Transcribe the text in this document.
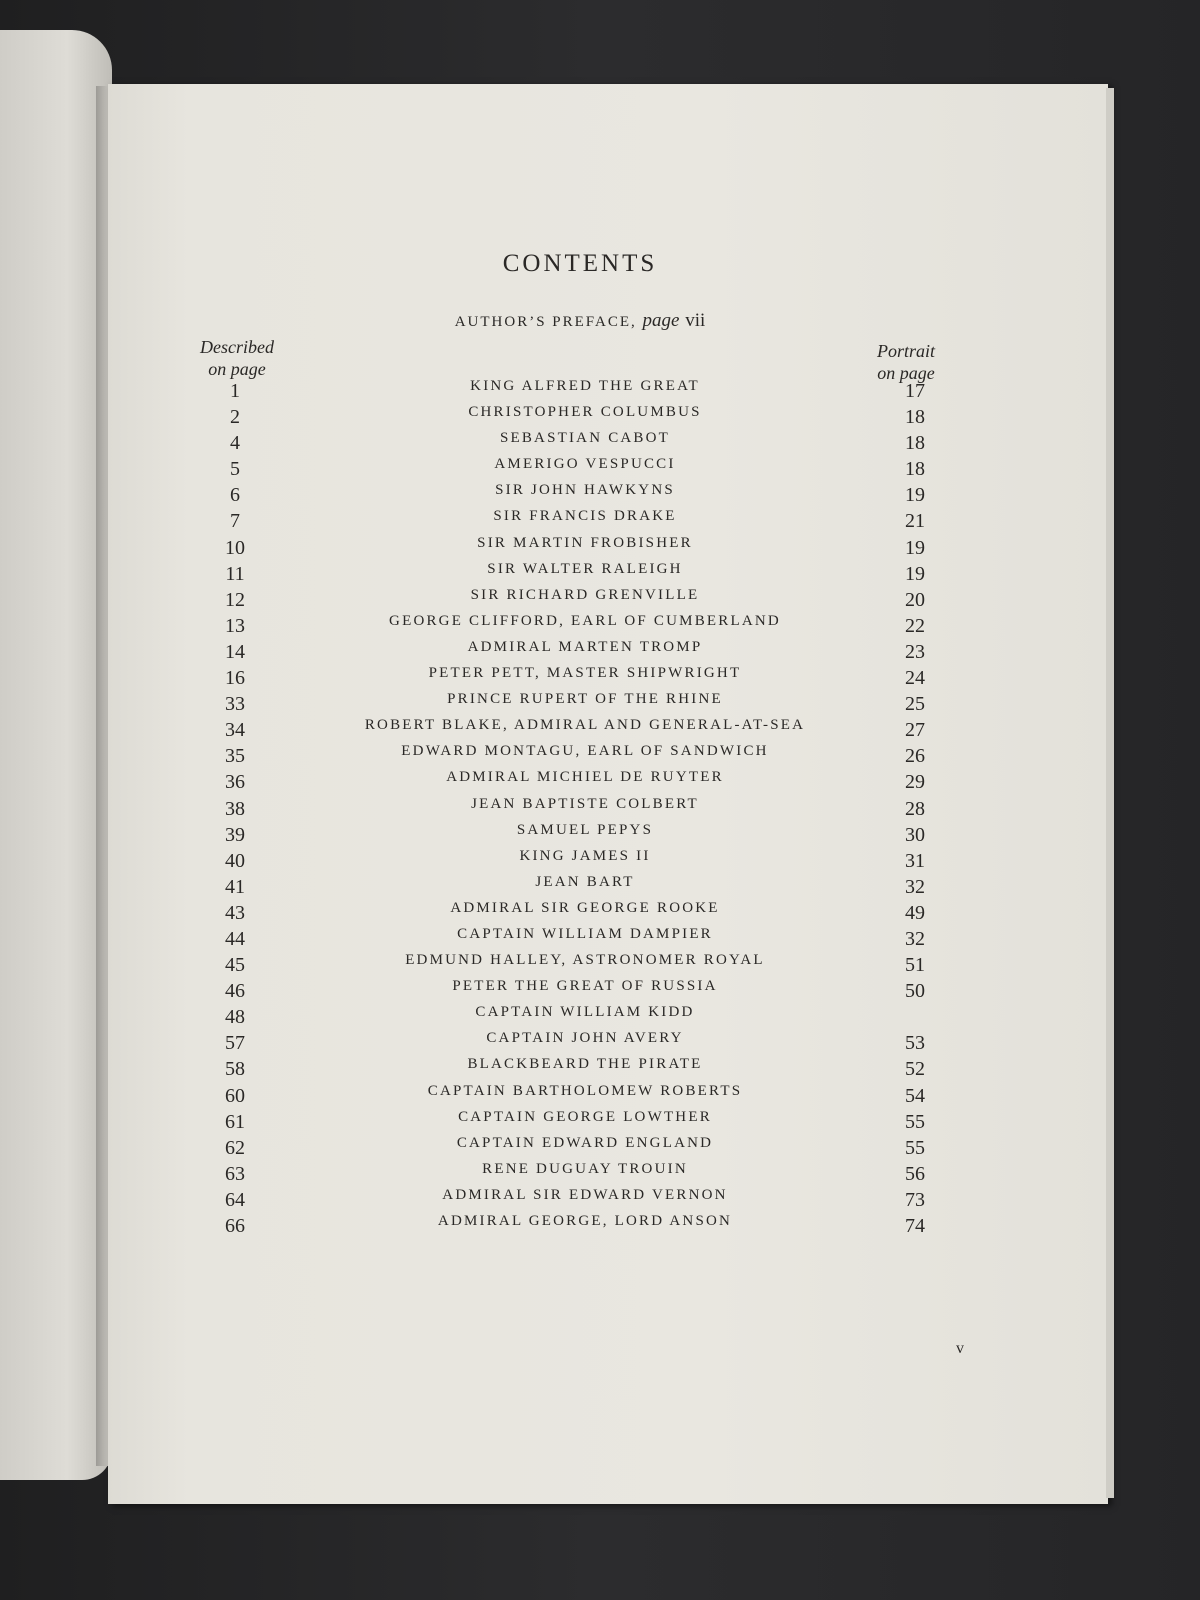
CONTENTS
AUTHOR’S PREFACE, page vii
Described
on page
Portrait
on page
1	KING ALFRED THE GREAT	17
2	CHRISTOPHER COLUMBUS	18
4	SEBASTIAN CABOT	18
5	AMERIGO VESPUCCI	18
6	SIR JOHN HAWKYNS	19
7	SIR FRANCIS DRAKE	21
10	SIR MARTIN FROBISHER	19
11	SIR WALTER RALEIGH	19
12	SIR RICHARD GRENVILLE	20
13	GEORGE CLIFFORD, EARL OF CUMBERLAND	22
14	ADMIRAL MARTEN TROMP	23
16	PETER PETT, MASTER SHIPWRIGHT	24
33	PRINCE RUPERT OF THE RHINE	25
34	ROBERT BLAKE, ADMIRAL AND GENERAL-AT-SEA	27
35	EDWARD MONTAGU, EARL OF SANDWICH	26
36	ADMIRAL MICHIEL DE RUYTER	29
38	JEAN BAPTISTE COLBERT	28
39	SAMUEL PEPYS	30
40	KING JAMES II	31
41	JEAN BART	32
43	ADMIRAL SIR GEORGE ROOKE	49
44	CAPTAIN WILLIAM DAMPIER	32
45	EDMUND HALLEY, ASTRONOMER ROYAL	51
46	PETER THE GREAT OF RUSSIA	50
48	CAPTAIN WILLIAM KIDD
57	CAPTAIN JOHN AVERY	53
58	BLACKBEARD THE PIRATE	52
60	CAPTAIN BARTHOLOMEW ROBERTS	54
61	CAPTAIN GEORGE LOWTHER	55
62	CAPTAIN EDWARD ENGLAND	55
63	RENE DUGUAY TROUIN	56
64	ADMIRAL SIR EDWARD VERNON	73
66	ADMIRAL GEORGE, LORD ANSON	74
v
